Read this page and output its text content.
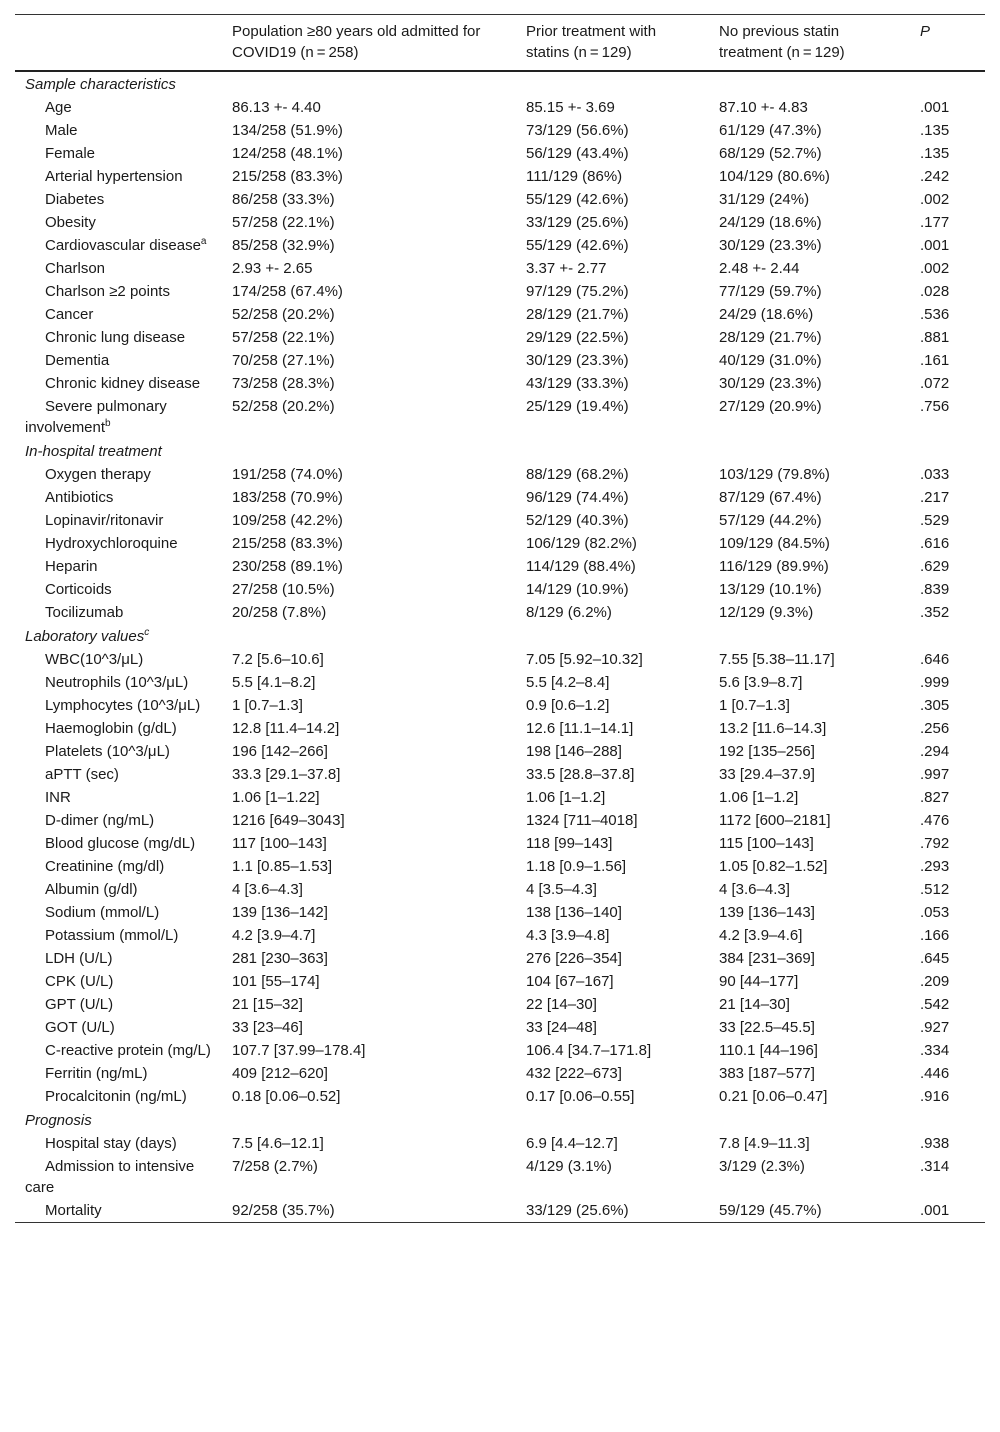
	Population ≥80 years old admitted for COVID19 (n = 258)	Prior treatment with statins (n = 129)	No previous statin treatment (n = 129)	P
Sample characteristics				
Age	86.13 +- 4.40	85.15 +- 3.69	87.10 +- 4.83	.001
Male	134/258 (51.9%)	73/129 (56.6%)	61/129 (47.3%)	.135
Female	124/258 (48.1%)	56/129 (43.4%)	68/129 (52.7%)	.135
Arterial hypertension	215/258 (83.3%)	111/129 (86%)	104/129 (80.6%)	.242
Diabetes	86/258 (33.3%)	55/129 (42.6%)	31/129 (24%)	.002
Obesity	57/258 (22.1%)	33/129 (25.6%)	24/129 (18.6%)	.177
Cardiovascular disease$^a$	85/258 (32.9%)	55/129 (42.6%)	30/129 (23.3%)	.001
Charlson	2.93 +- 2.65	3.37 +- 2.77	2.48 +- 2.44	.002
Charlson ≥2 points	174/258 (67.4%)	97/129 (75.2%)	77/129 (59.7%)	.028
Cancer	52/258 (20.2%)	28/129 (21.7%)	24/29 (18.6%)	.536
Chronic lung disease	57/258 (22.1%)	29/129 (22.5%)	28/129 (21.7%)	.881
Dementia	70/258 (27.1%)	30/129 (23.3%)	40/129 (31.0%)	.161
Chronic kidney disease	73/258 (28.3%)	43/129 (33.3%)	30/129 (23.3%)	.072
Severe pulmonary involvement$^b$	52/258 (20.2%)	25/129 (19.4%)	27/129 (20.9%)	.756
In-hospital treatment				
Oxygen therapy	191/258 (74.0%)	88/129 (68.2%)	103/129 (79.8%)	.033
Antibiotics	183/258 (70.9%)	96/129 (74.4%)	87/129 (67.4%)	.217
Lopinavir/ritonavir	109/258 (42.2%)	52/129 (40.3%)	57/129 (44.2%)	.529
Hydroxychloroquine	215/258 (83.3%)	106/129 (82.2%)	109/129 (84.5%)	.616
Heparin	230/258 (89.1%)	114/129 (88.4%)	116/129 (89.9%)	.629
Corticoids	27/258 (10.5%)	14/129 (10.9%)	13/129 (10.1%)	.839
Tocilizumab	20/258 (7.8%)	8/129 (6.2%)	12/129 (9.3%)	.352
Laboratory values$^c$
WBC(10^3/μL)	7.2 [5.6–10.6]	7.05 [5.92–10.32]	7.55 [5.38–11.17]	.646
Neutrophils (10^3/μL)	5.5 [4.1–8.2]	5.5 [4.2–8.4]	5.6 [3.9–8.7]	.999
Lymphocytes (10^3/μL)	1 [0.7–1.3]	0.9 [0.6–1.2]	1 [0.7–1.3]	.305
Haemoglobin (g/dL)	12.8 [11.4–14.2]	12.6 [11.1–14.1]	13.2 [11.6–14.3]	.256
Platelets (10^3/μL)	196 [142–266]	198 [146–288]	192 [135–256]	.294
aPTT (sec)	33.3 [29.1–37.8]	33.5 [28.8–37.8]	33 [29.4–37.9]	.997
INR	1.06 [1–1.22]	1.06 [1–1.2]	1.06 [1–1.2]	.827
D-dimer (ng/mL)	1216 [649–3043]	1324 [711–4018]	1172 [600–2181]	.476
Blood glucose (mg/dL)	117 [100–143]	118 [99–143]	115 [100–143]	.792
Creatinine (mg/dl)	1.1 [0.85–1.53]	1.18 [0.9–1.56]	1.05 [0.82–1.52]	.293
Albumin (g/dl)	4 [3.6–4.3]	4 [3.5–4.3]	4 [3.6–4.3]	.512
Sodium (mmol/L)	139 [136–142]	138 [136–140]	139 [136–143]	.053
Potassium (mmol/L)	4.2 [3.9–4.7]	4.3 [3.9–4.8]	4.2 [3.9–4.6]	.166
LDH (U/L)	281 [230–363]	276 [226–354]	384 [231–369]	.645
CPK (U/L)	101 [55–174]	104 [67–167]	90 [44–177]	.209
GPT (U/L)	21 [15–32]	22 [14–30]	21 [14–30]	.542
GOT (U/L)	33 [23–46]	33 [24–48]	33 [22.5–45.5]	.927
C-reactive protein (mg/L)	107.7 [37.99–178.4]	106.4 [34.7–171.8]	110.1 [44–196]	.334
Ferritin (ng/mL)	409 [212–620]	432 [222–673]	383 [187–577]	.446
Procalcitonin (ng/mL)	0.18 [0.06–0.52]	0.17 [0.06–0.55]	0.21 [0.06–0.47]	.916
Prognosis				
Hospital stay (days)	7.5 [4.6–12.1]	6.9 [4.4–12.7]	7.8 [4.9–11.3]	.938
Admission to intensive care	7/258 (2.7%)	4/129 (3.1%)	3/129 (2.3%)	.314
Mortality	92/258 (35.7%)	33/129 (25.6%)	59/129 (45.7%)	.001
